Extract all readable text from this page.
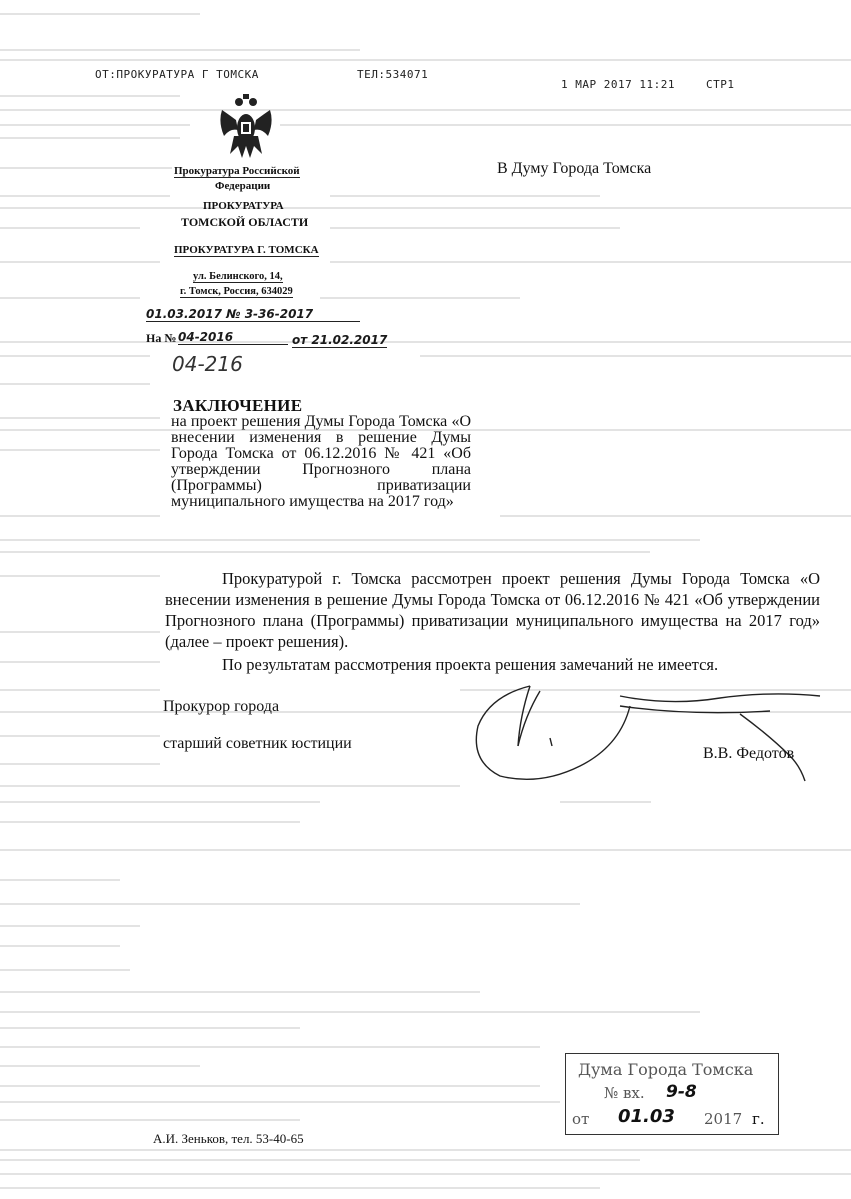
ОТ:ПРОКУРАТУРА Г ТОМСКА	ТЕЛ:534071
1 МАР 2017 11:21	СТР1
Прокуратура Российской
Федерации
ПРОКУРАТУРА
ТОМСКОЙ ОБЛАСТИ
ПРОКУРАТУРА Г. ТОМСКА
ул. Белинского, 14,
г. Томск, Россия, 634029
В Думу Города Томска
01.03.2017 № 3-36-2017
На № 04-2016	от 21.02.2017
04-216
ЗАКЛЮЧЕНИЕ
на проект решения Думы Города Томска «О внесении изменения в решение Думы Города Томска от 06.12.2016 № 421 «Об утверждении Прогнозного плана (Программы) приватизации муниципального имущества на 2017 год»
Прокуратурой г. Томска рассмотрен проект решения Думы Города Томска «О внесении изменения в решение Думы Города Томска от 06.12.2016 № 421 «Об утверждении Прогнозного плана (Программы) приватизации муниципального имущества на 2017 год» (далее – проект решения).
По результатам рассмотрения проекта решения замечаний не имеется.
Прокурор города
старший советник юстиции
В.В. Федотов
А.И. Зеньков, тел. 53-40-65
Дума Города Томска
№ вх. 9-8
от 01.03 2017 г.
